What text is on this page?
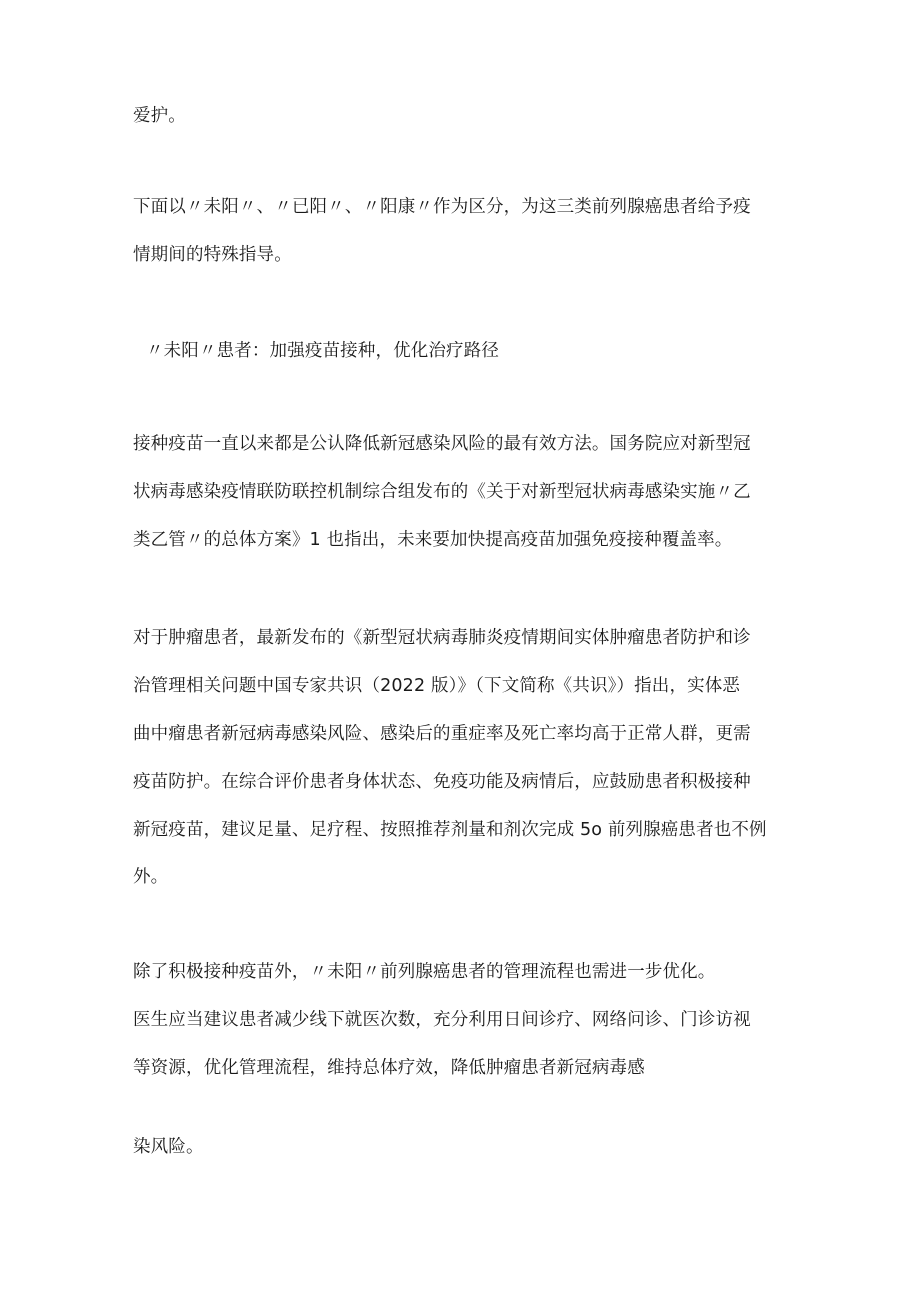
爱护。
下面以〃未阳〃、〃已阳〃、〃阳康〃作为区分，为这三类前列腺癌患者给予疫
情期间的特殊指导。
〃未阳〃患者：加强疫苗接种，优化治疗路径
接种疫苗一直以来都是公认降低新冠感染风险的最有效方法。国务院应对新型冠
状病毒感染疫情联防联控机制综合组发布的《关于对新型冠状病毒感染实施〃乙
类乙管〃的总体方案》1 也指出，未来要加快提高疫苗加强免疫接种覆盖率。
对于肿瘤患者，最新发布的《新型冠状病毒肺炎疫情期间实体肿瘤患者防护和诊
治管理相关问题中国专家共识（2022 版）》（下文简称《共识》）指出，实体恶
曲中瘤患者新冠病毒感染风险、感染后的重症率及死亡率均高于正常人群，更需
疫苗防护。在综合评价患者身体状态、免疫功能及病情后，应鼓励患者积极接种
新冠疫苗，建议足量、足疗程、按照推荐剂量和剂次完成 5o 前列腺癌患者也不例
外。
除了积极接种疫苗外，〃未阳〃前列腺癌患者的管理流程也需进一步优化。
医生应当建议患者减少线下就医次数，充分利用日间诊疗、网络问诊、门诊访视
等资源，优化管理流程，维持总体疗效，降低肿瘤患者新冠病毒感
染风险。
